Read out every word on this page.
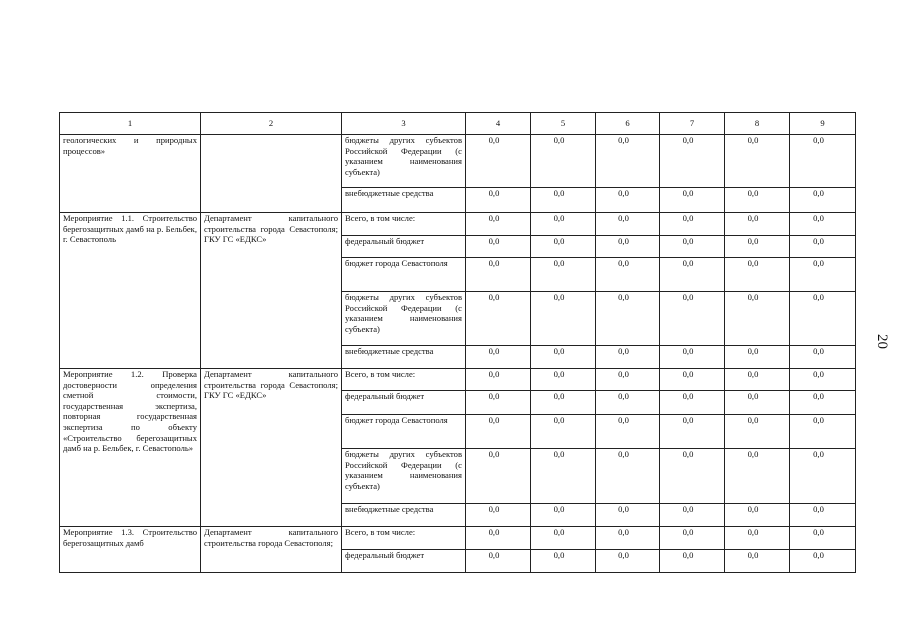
1	2	3	4	5	6	7	8	9
геологических и природных процессов»		бюджеты других субъектов Российской Федерации (с указанием наименования субъекта)	0,0	0,0	0,0	0,0	0,0	0,0
		внебюджетные средства	0,0	0,0	0,0	0,0	0,0	0,0
Мероприятие 1.1. Строительство берегозащитных дамб на р. Бельбек, г. Севастополь	Департамент капитального строительства города Севастополя; ГКУ ГС «ЕДКС»	Всего, в том числе:	0,0	0,0	0,0	0,0	0,0	0,0
		федеральный бюджет	0,0	0,0	0,0	0,0	0,0	0,0
		бюджет города Севастополя	0,0	0,0	0,0	0,0	0,0	0,0
		бюджеты других субъектов Российской Федерации (с указанием наименования субъекта)	0,0	0,0	0,0	0,0	0,0	0,0
		внебюджетные средства	0,0	0,0	0,0	0,0	0,0	0,0
Мероприятие 1.2. Проверка достоверности определения сметной стоимости, государственная экспертиза, повторная государственная экспертиза по объекту «Строительство берегозащитных дамб на р. Бельбек, г. Севастополь»	Департамент капитального строительства города Севастополя; ГКУ ГС «ЕДКС»	Всего, в том числе:	0,0	0,0	0,0	0,0	0,0	0,0
		федеральный бюджет	0,0	0,0	0,0	0,0	0,0	0,0
		бюджет города Севастополя	0,0	0,0	0,0	0,0	0,0	0,0
		бюджеты других субъектов Российской Федерации (с указанием наименования субъекта)	0,0	0,0	0,0	0,0	0,0	0,0
		внебюджетные средства	0,0	0,0	0,0	0,0	0,0	0,0
Мероприятие 1.3. Строительство берегозащитных дамб	Департамент капитального строительства города Севастополя;	Всего, в том числе:	0,0	0,0	0,0	0,0	0,0	0,0
		федеральный бюджет	0,0	0,0	0,0	0,0	0,0	0,0
20
